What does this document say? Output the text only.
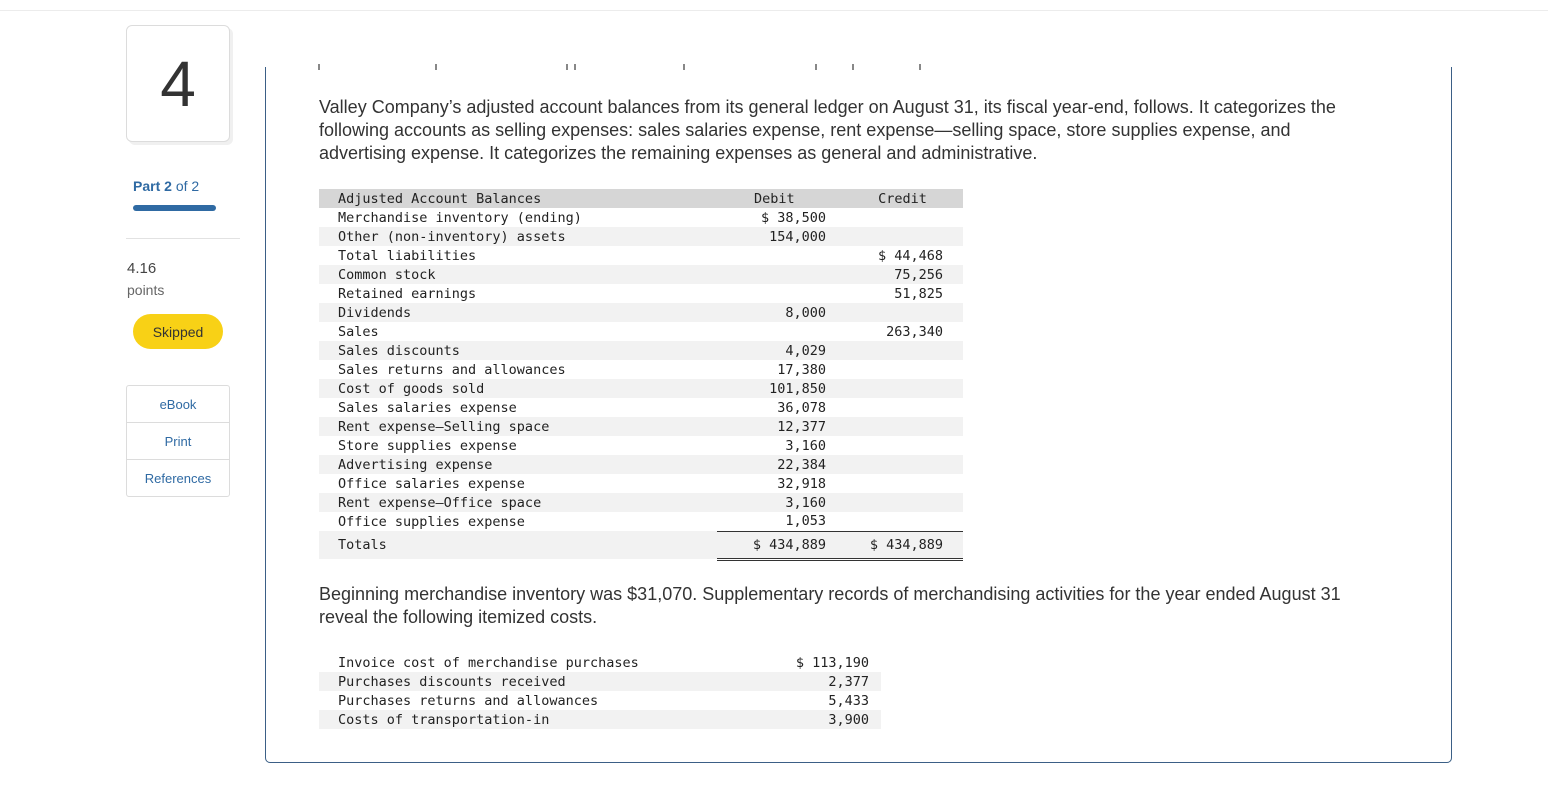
4
Part 2 of 2
4.16
points
Skipped
eBook
Print
References
Valley Company’s adjusted account balances from its general ledger on August 31, its fiscal year-end, follows. It categorizes the following accounts as selling expenses: sales salaries expense, rent expense—selling space, store supplies expense, and advertising expense. It categorizes the remaining expenses as general and administrative.
Adjusted Account Balances	Debit	Credit
Merchandise inventory (ending)	$ 38,500	
Other (non-inventory) assets	154,000	
Total liabilities		$ 44,468
Common stock		75,256
Retained earnings		51,825
Dividends	8,000	
Sales		263,340
Sales discounts	4,029	
Sales returns and allowances	17,380	
Cost of goods sold	101,850	
Sales salaries expense	36,078	
Rent expense—Selling space	12,377	
Store supplies expense	3,160	
Advertising expense	22,384	
Office salaries expense	32,918	
Rent expense—Office space	3,160	
Office supplies expense	1,053	
Totals	$ 434,889	$ 434,889
Beginning merchandise inventory was $31,070. Supplementary records of merchandising activities for the year ended August 31 reveal the following itemized costs.
Invoice cost of merchandise purchases	$ 113,190
Purchases discounts received	2,377
Purchases returns and allowances	5,433
Costs of transportation-in	3,900
